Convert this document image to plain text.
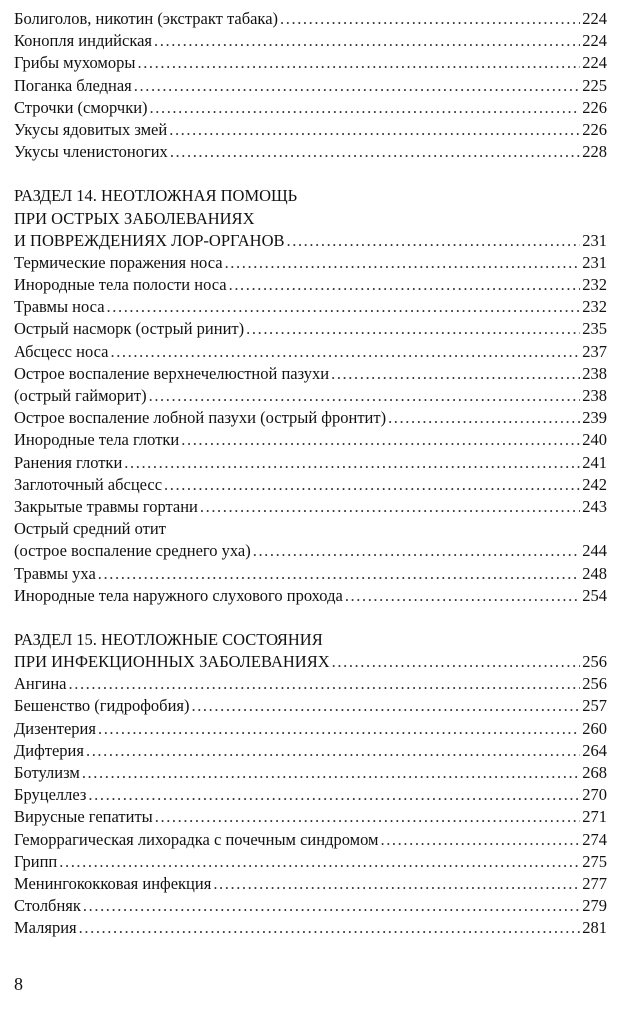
Болиголов, никотин (экстракт табака) .....	224
Конопля индийская .....	224
Грибы мухоморы .....	224
Поганка бледная .....	225
Строчки (сморчки) .....	226
Укусы ядовитых змей .....	226
Укусы членистоногих .....	228
РАЗДЕЛ 14. НЕОТЛОЖНАЯ ПОМОЩЬ
ПРИ ОСТРЫХ ЗАБОЛЕВАНИЯХ
И ПОВРЕЖДЕНИЯХ ЛОР-ОРГАНОВ .....	231
Термические поражения носа .....	231
Инородные тела полости носа .....	232
Травмы носа .....	232
Острый насморк (острый ринит) .....	235
Абсцесс носа .....	237
Острое воспаление верхнечелюстной пазухи .....	238
(острый гайморит) .....	238
Острое воспаление лобной пазухи (острый фронтит) .....	239
Инородные тела глотки .....	240
Ранения глотки .....	241
Заглоточный абсцесс .....	242
Закрытые травмы гортани .....	243
Острый средний отит
(острое воспаление среднего уха) .....	244
Травмы уха .....	248
Инородные тела наружного слухового прохода .....	254
РАЗДЕЛ 15. НЕОТЛОЖНЫЕ СОСТОЯНИЯ
ПРИ ИНФЕКЦИОННЫХ ЗАБОЛЕВАНИЯХ .....	256
Ангина .....	256
Бешенство (гидрофобия) .....	257
Дизентерия .....	260
Дифтерия .....	264
Ботулизм .....	268
Бруцеллез .....	270
Вирусные гепатиты .....	271
Геморрагическая лихорадка с почечным синдромом .....	274
Грипп .....	275
Менингококковая инфекция .....	277
Столбняк .....	279
Малярия .....	281
8
